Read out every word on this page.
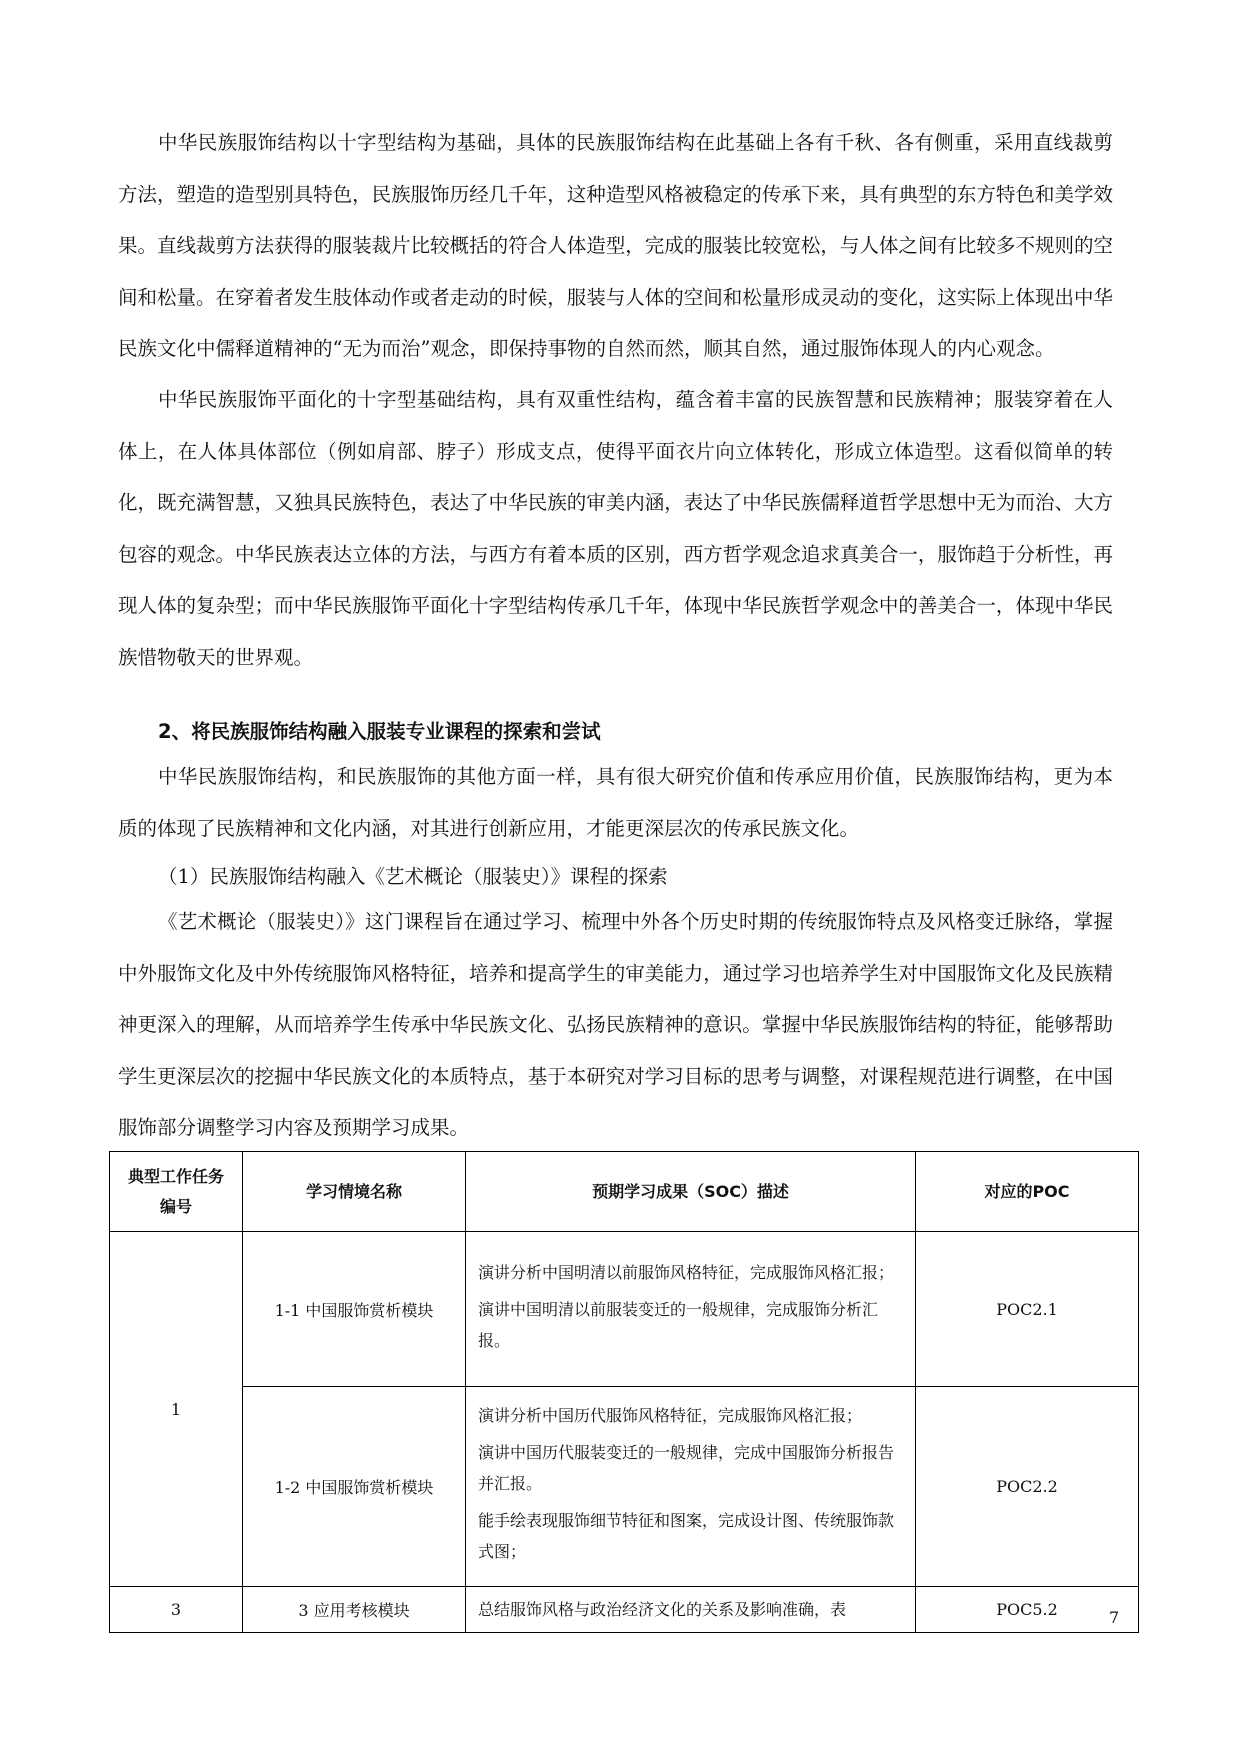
中华民族服饰结构以十字型结构为基础，具体的民族服饰结构在此基础上各有千秋、各有侧重，采用直线裁剪方法，塑造的造型别具特色，民族服饰历经几千年，这种造型风格被稳定的传承下来，具有典型的东方特色和美学效果。直线裁剪方法获得的服装裁片比较概括的符合人体造型，完成的服装比较宽松，与人体之间有比较多不规则的空间和松量。在穿着者发生肢体动作或者走动的时候，服装与人体的空间和松量形成灵动的变化，这实际上体现出中华民族文化中儒释道精神的“无为而治”观念，即保持事物的自然而然，顺其自然，通过服饰体现人的内心观念。

中华民族服饰平面化的十字型基础结构，具有双重性结构，蕴含着丰富的民族智慧和民族精神；服装穿着在人体上，在人体具体部位（例如肩部、脖子）形成支点，使得平面衣片向立体转化，形成立体造型。这看似简单的转化，既充满智慧，又独具民族特色，表达了中华民族的审美内涵，表达了中华民族儒释道哲学思想中无为而治、大方包容的观念。中华民族表达立体的方法，与西方有着本质的区别，西方哲学观念追求真美合一，服饰趋于分析性，再现人体的复杂型；而中华民族服饰平面化十字型结构传承几千年，体现中华民族哲学观念中的善美合一，体现中华民族惜物敬天的世界观。

2、将民族服饰结构融入服装专业课程的探索和尝试

中华民族服饰结构，和民族服饰的其他方面一样，具有很大研究价值和传承应用价值，民族服饰结构，更为本质的体现了民族精神和文化内涵，对其进行创新应用，才能更深层次的传承民族文化。

（1）民族服饰结构融入《艺术概论（服装史）》课程的探索

《艺术概论（服装史）》这门课程旨在通过学习、梳理中外各个历史时期的传统服饰特点及风格变迁脉络，掌握中外服饰文化及中外传统服饰风格特征，培养和提高学生的审美能力，通过学习也培养学生对中国服饰文化及民族精神更深入的理解，从而培养学生传承中华民族文化、弘扬民族精神的意识。掌握中华民族服饰结构的特征，能够帮助学生更深层次的挖掘中华民族文化的本质特点，基于本研究对学习目标的思考与调整，对课程规范进行调整，在中国服饰部分调整学习内容及预期学习成果。

典型工作任务编号	学习情境名称	预期学习成果（SOC）描述	对应的POC
1	1-1 中国服饰赏析模块	演讲分析中国明清以前服饰风格特征，完成服饰风格汇报；

演讲中国明清以前服装变迁的一般规律，完成服饰分析汇报。	POC2.1
	1-2 中国服饰赏析模块	演讲分析中国历代服饰风格特征，完成服饰风格汇报；

演讲中国历代服装变迁的一般规律，完成中国服饰分析报告并汇报。

能手绘表现服饰细节特征和图案，完成设计图、传统服饰款式图；	POC2.2
3	3 应用考核模块	总结服饰风格与政治经济文化的关系及影响准确，表	POC5.2	7
